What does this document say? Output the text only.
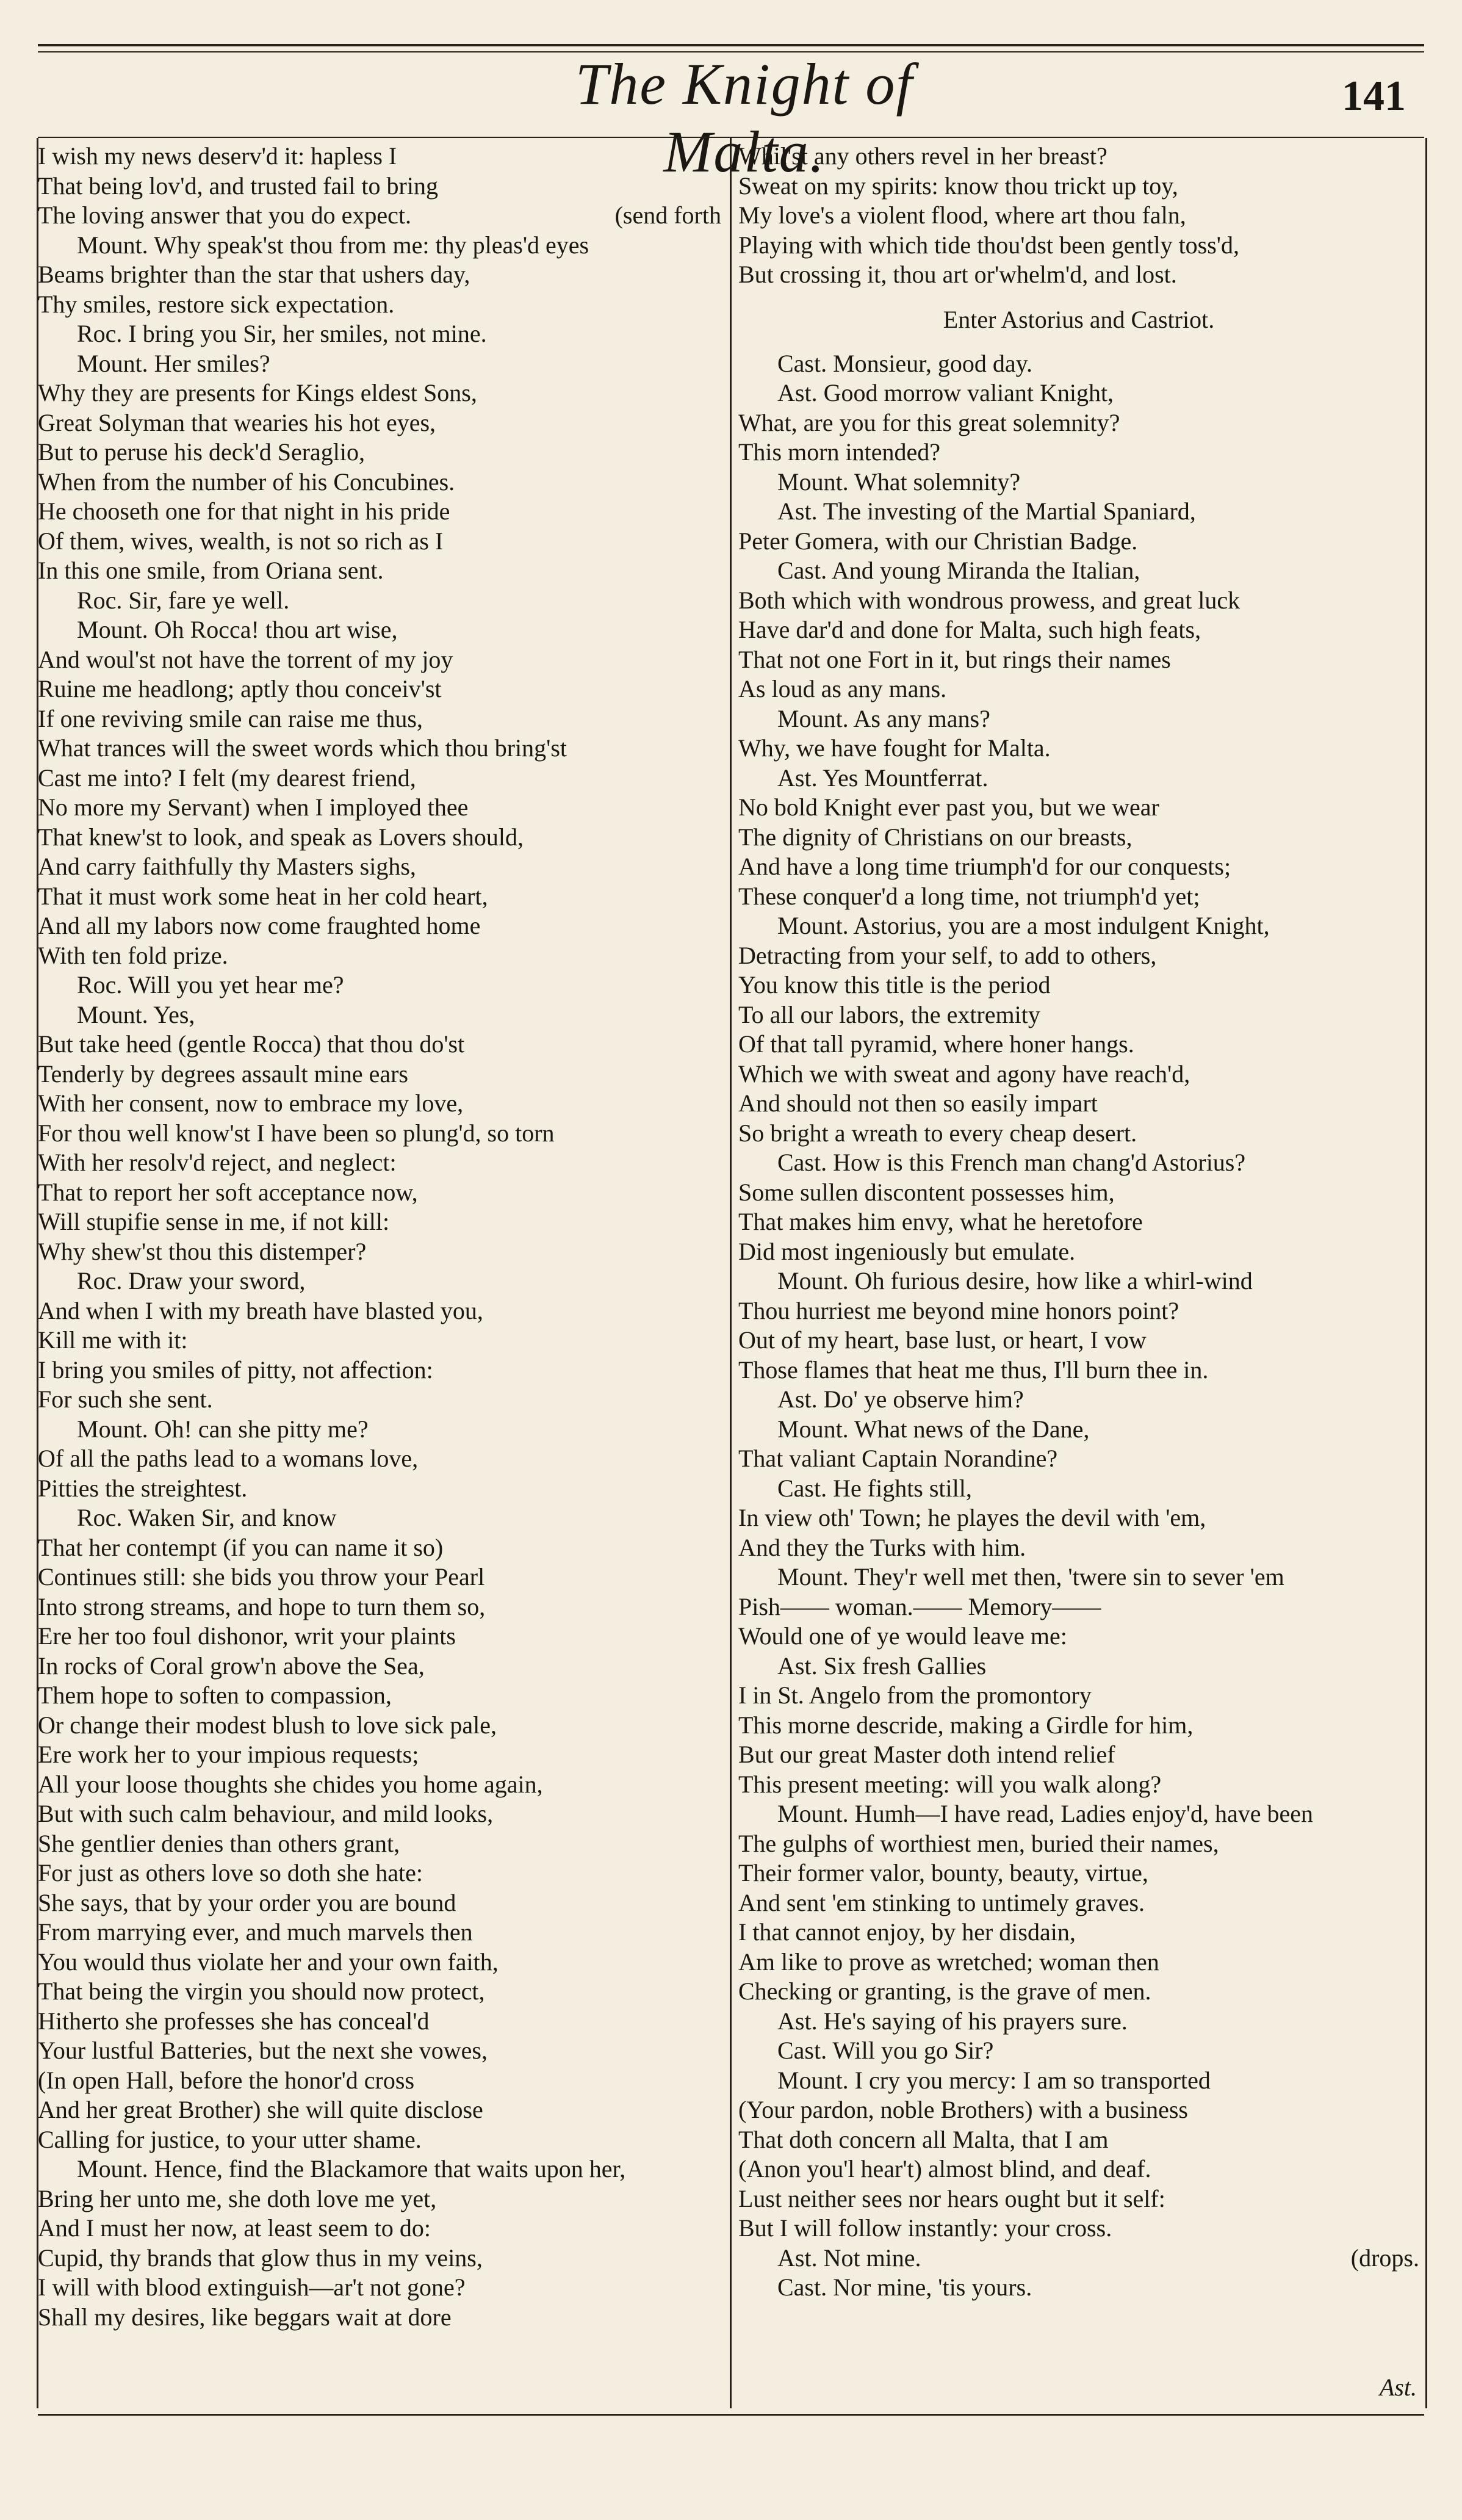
The Knight of Malta.
141
I wish my news deserv'd it: hapless I
That being lov'd, and trusted fail to bring
The loving answer that you do expect.	(send forth
Mount. Why speak'st thou from me: thy pleas'd eyes
Beams brighter than the star that ushers day,
Thy smiles, restore sick expectation.
Roc. I bring you Sir, her smiles, not mine.
Mount. Her smiles?
Why they are presents for Kings eldest Sons,
Great Solyman that wearies his hot eyes,
But to peruse his deck'd Seraglio,
When from the number of his Concubines.
He chooseth one for that night in his pride
Of them, wives, wealth, is not so rich as I
In this one smile, from Oriana sent.
Roc. Sir, fare ye well.
Mount. Oh Rocca! thou art wise,
And woul'st not have the torrent of my joy
Ruine me headlong; aptly thou conceiv'st
If one reviving smile can raise me thus,
What trances will the sweet words which thou bring'st
Cast me into? I felt (my dearest friend,
No more my Servant) when I imployed thee
That knew'st to look, and speak as Lovers should,
And carry faithfully thy Masters sighs,
That it must work some heat in her cold heart,
And all my labors now come fraughted home
With ten fold prize.
Roc. Will you yet hear me?
Mount. Yes,
But take heed (gentle Rocca) that thou do'st
Tenderly by degrees assault mine ears
With her consent, now to embrace my love,
For thou well know'st I have been so plung'd, so torn
With her resolv'd reject, and neglect:
That to report her soft acceptance now,
Will stupifie sense in me, if not kill:
Why shew'st thou this distemper?
Roc. Draw your sword,
And when I with my breath have blasted you,
Kill me with it:
I bring you smiles of pitty, not affection:
For such she sent.
Mount. Oh! can she pitty me?
Of all the paths lead to a womans love,
Pitties the streightest.
Roc. Waken Sir, and know
That her contempt (if you can name it so)
Continues still: she bids you throw your Pearl
Into strong streams, and hope to turn them so,
Ere her too foul dishonor, writ your plaints
In rocks of Coral grow'n above the Sea,
Them hope to soften to compassion,
Or change their modest blush to love sick pale,
Ere work her to your impious requests;
All your loose thoughts she chides you home again,
But with such calm behaviour, and mild looks,
She gentlier denies than others grant,
For just as others love so doth she hate:
She says, that by your order you are bound
From marrying ever, and much marvels then
You would thus violate her and your own faith,
That being the virgin you should now protect,
Hitherto she professes she has conceal'd
Your lustful Batteries, but the next she vowes,
(In open Hall, before the honor'd cross
And her great Brother) she will quite disclose
Calling for justice, to your utter shame.
Mount. Hence, find the Blackamore that waits upon her,
Bring her unto me, she doth love me yet,
And I must her now, at least seem to do:
Cupid, thy brands that glow thus in my veins,
I will with blood extinguish—ar't not gone?
Shall my desires, like beggars wait at dore
Whil'st any others revel in her breast?
Sweat on my spirits: know thou trickt up toy,
My love's a violent flood, where art thou faln,
Playing with which tide thou'dst been gently toss'd,
But crossing it, thou art or'whelm'd, and lost.
Enter Astorius and Castriot.
Cast. Monsieur, good day.
Ast. Good morrow valiant Knight,
What, are you for this great solemnity?
This morn intended?
Mount. What solemnity?
Ast. The investing of the Martial Spaniard,
Peter Gomera, with our Christian Badge.
Cast. And young Miranda the Italian,
Both which with wondrous prowess, and great luck
Have dar'd and done for Malta, such high feats,
That not one Fort in it, but rings their names
As loud as any mans.
Mount. As any mans?
Why, we have fought for Malta.
Ast. Yes Mountferrat.
No bold Knight ever past you, but we wear
The dignity of Christians on our breasts,
And have a long time triumph'd for our conquests;
These conquer'd a long time, not triumph'd yet;
Mount. Astorius, you are a most indulgent Knight,
Detracting from your self, to add to others,
You know this title is the period
To all our labors, the extremity
Of that tall pyramid, where honer hangs.
Which we with sweat and agony have reach'd,
And should not then so easily impart
So bright a wreath to every cheap desert.
Cast. How is this French man chang'd Astorius?
Some sullen discontent possesses him,
That makes him envy, what he heretofore
Did most ingeniously but emulate.
Mount. Oh furious desire, how like a whirl-wind
Thou hurriest me beyond mine honors point?
Out of my heart, base lust, or heart, I vow
Those flames that heat me thus, I'll burn thee in.
Ast. Do' ye observe him?
Mount. What news of the Dane,
That valiant Captain Norandine?
Cast. He fights still,
In view oth' Town; he playes the devil with 'em,
And they the Turks with him.
Mount. They'r well met then, 'twere sin to sever 'em
Pish—— woman.—— Memory——
Would one of ye would leave me:
Ast. Six fresh Gallies
I in St. Angelo from the promontory
This morne descride, making a Girdle for him,
But our great Master doth intend relief
This present meeting: will you walk along?
Mount. Humh—I have read, Ladies enjoy'd, have been
The gulphs of worthiest men, buried their names,
Their former valor, bounty, beauty, virtue,
And sent 'em stinking to untimely graves.
I that cannot enjoy, by her disdain,
Am like to prove as wretched; woman then
Checking or granting, is the grave of men.
Ast. He's saying of his prayers sure.
Cast. Will you go Sir?
Mount. I cry you mercy: I am so transported
(Your pardon, noble Brothers) with a business
That doth concern all Malta, that I am
(Anon you'l hear't) almost blind, and deaf.
Lust neither sees nor hears ought but it self:
But I will follow instantly: your cross.
Ast. Not mine.	(drops.
Cast. Nor mine, 'tis yours.
Ast.
